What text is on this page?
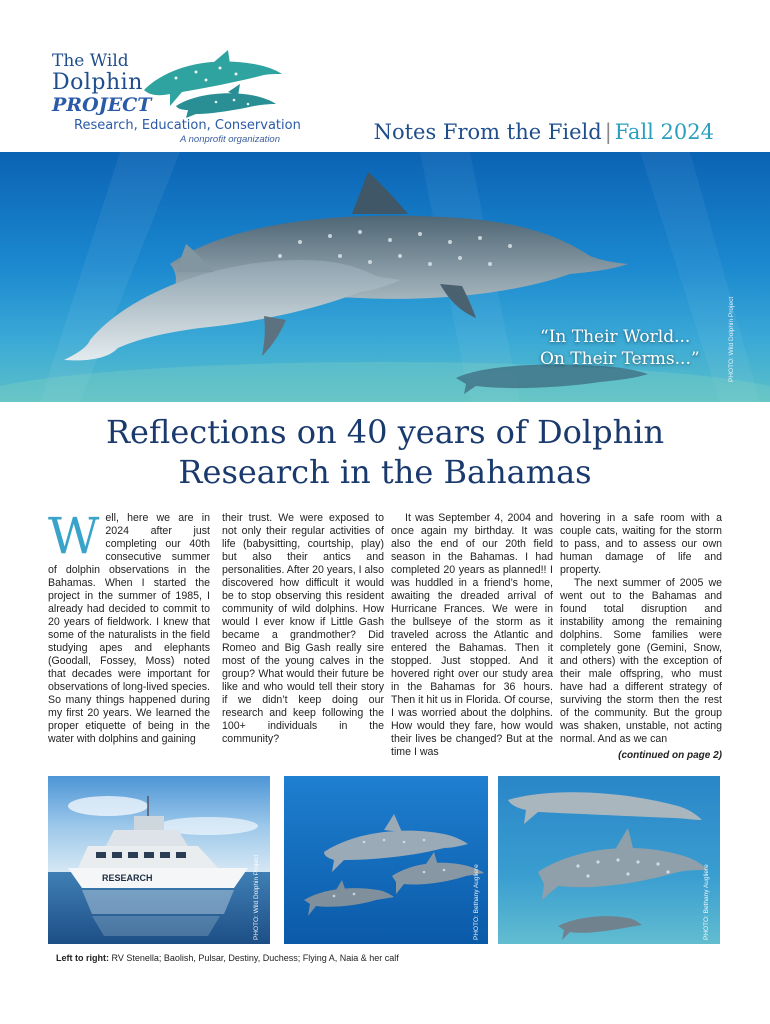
The Wild
Dolphin
PROJECT
Research, Education, Conservation
A nonprofit organization	Notes From the Field | Fall 2024
“In Their World...
On Their Terms...”	PHOTO: Wild Dolphin Project
Reflections on 40 years of Dolphin
Research in the Bahamas
Well, here we are in 2024 after just completing our 40th consecutive summer of dolphin observations in the Bahamas. When I started the project in the summer of 1985, I already had decided to commit to 20 years of fieldwork. I knew that some of the naturalists in the field studying apes and elephants (Goodall, Fossey, Moss) noted that decades were important for observations of long-lived species. So many things happened during my first 20 years. We learned the proper etiquette of being in the water with dolphins and gaining
their trust. We were exposed to not only their regular activities of life (babysitting, courtship, play) but also their antics and personalities. After 20 years, I also discovered how difficult it would be to stop observing this resident community of wild dolphins. How would I ever know if Little Gash became a grandmother? Did Romeo and Big Gash really sire most of the young calves in the group? What would their future be like and who would tell their story if we didn’t keep doing our research and keep following the 100+ individuals in the community?
It was September 4, 2004 and once again my birthday. It was also the end of our 20th field season in the Bahamas. I had completed 20 years as planned!! I was huddled in a friend’s home, awaiting the dreaded arrival of Hurricane Frances. We were in the bullseye of the storm as it traveled across the Atlantic and entered the Bahamas. Then it stopped. Just stopped. And it hovered right over our study area in the Bahamas for 36 hours. Then it hit us in Florida. Of course, I was worried about the dolphins. How would they fare, how would their lives be changed? But at the time I was
hovering in a safe room with a couple cats, waiting for the storm to pass, and to assess our own human damage of life and property.
The next summer of 2005 we went out to the Bahamas and found total disruption and instability among the remaining dolphins. Some families were completely gone (Gemini, Snow, and others) with the exception of their male offspring, who must have had a different strategy of surviving the storm then the rest of the community. But the group was shaken, unstable, not acting normal. And as we can
(continued on page 2)
RESEARCH	PHOTO: Wild Dolphin Project	PHOTO: Bethany Augliere	PHOTO: Bethany Augliere
Left to right: RV Stenella; Baolish, Pulsar, Destiny, Duchess; Flying A, Naia & her calf
